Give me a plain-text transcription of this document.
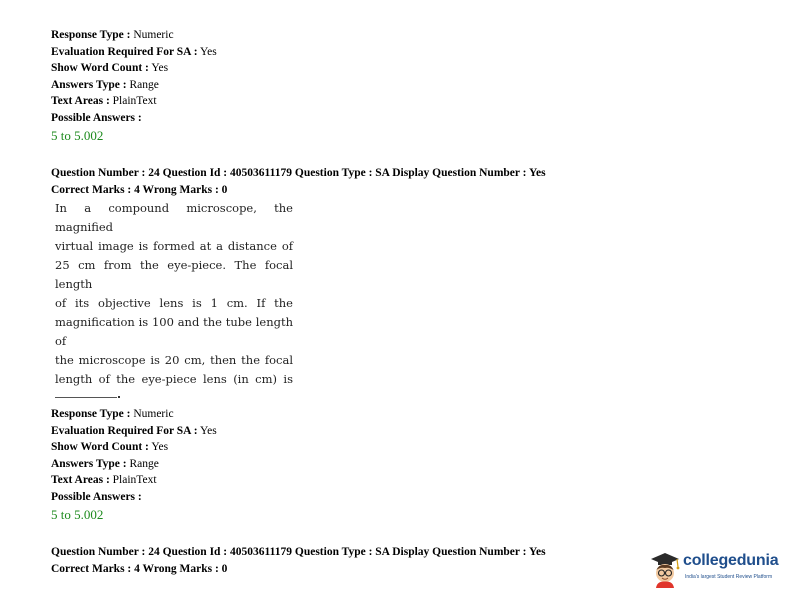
Response Type : Numeric
Evaluation Required For SA : Yes
Show Word Count : Yes
Answers Type : Range
Text Areas : PlainText
Possible Answers :
5 to 5.002
Question Number : 24 Question Id : 40503611179 Question Type : SA Display Question Number : Yes
Correct Marks : 4 Wrong Marks : 0
In a compound microscope, the magnified
virtual image is formed at a distance of
25 cm from the eye-piece. The focal length
of its objective lens is 1 cm. If the
magnification is 100 and the tube length of
the microscope is 20 cm, then the focal
length of the eye-piece lens (in cm) is
Response Type : Numeric
Evaluation Required For SA : Yes
Show Word Count : Yes
Answers Type : Range
Text Areas : PlainText
Possible Answers :
5 to 5.002
Question Number : 24 Question Id : 40503611179 Question Type : SA Display Question Number : Yes
Correct Marks : 4 Wrong Marks : 0	collegedunia
India's largest Student Review Platform
